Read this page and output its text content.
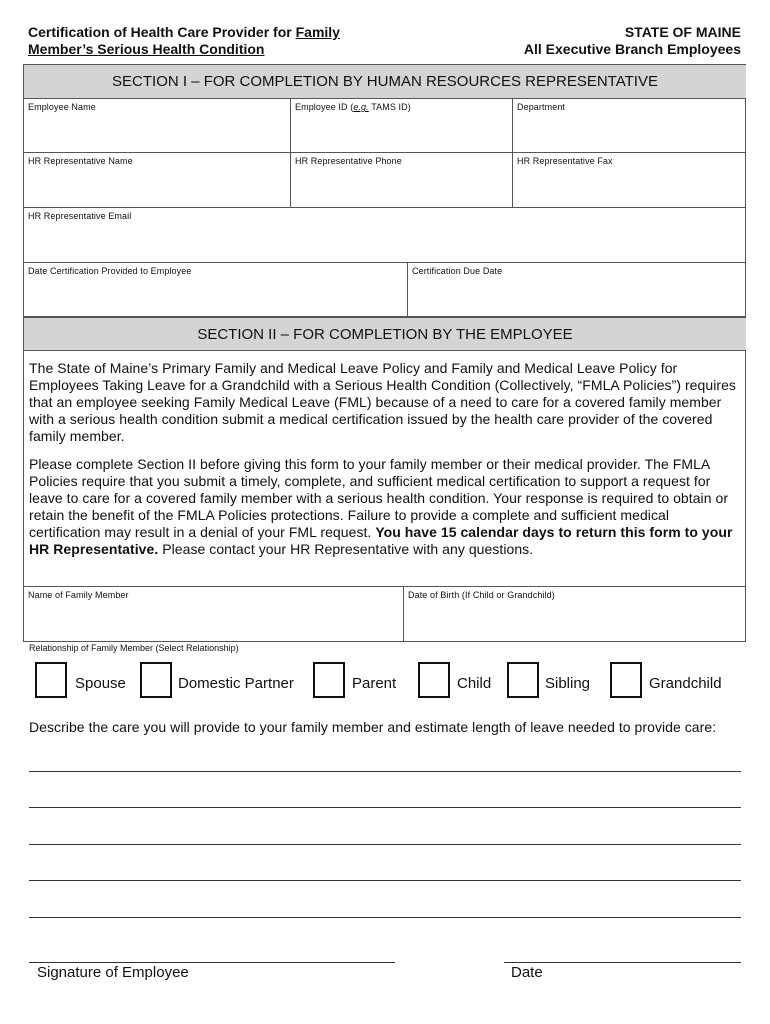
Certification of Health Care Provider for Family
Member’s Serious Health Condition
STATE OF MAINE
All Executive Branch Employees
SECTION I – FOR COMPLETION BY HUMAN RESOURCES REPRESENTATIVE
Employee Name	Employee ID (e.g. TAMS ID)	Department
HR Representative Name	HR Representative Phone	HR Representative Fax
HR Representative Email
Date Certification Provided to Employee	Certification Due Date
SECTION II – FOR COMPLETION BY THE EMPLOYEE
The State of Maine’s Primary Family and Medical Leave Policy and Family and Medical Leave Policy for Employees Taking Leave for a Grandchild with a Serious Health Condition (Collectively, “FMLA Policies”) requires that an employee seeking Family Medical Leave (FML) because of a need to care for a covered family member with a serious health condition submit a medical certification issued by the health care provider of the covered family member.
Please complete Section II before giving this form to your family member or their medical provider. The FMLA Policies require that you submit a timely, complete, and sufficient medical certification to support a request for leave to care for a covered family member with a serious health condition. Your response is required to obtain or retain the benefit of the FMLA Policies protections. Failure to provide a complete and sufficient medical certification may result in a denial of your FML request. You have 15 calendar days to return this form to your HR Representative. Please contact your HR Representative with any questions.
Name of Family Member	Date of Birth (If Child or Grandchild)
Relationship of Family Member (Select Relationship)
Spouse	Domestic Partner	Parent	Child	Sibling	Grandchild
Describe the care you will provide to your family member and estimate length of leave needed to provide care:
Signature of Employee	Date
